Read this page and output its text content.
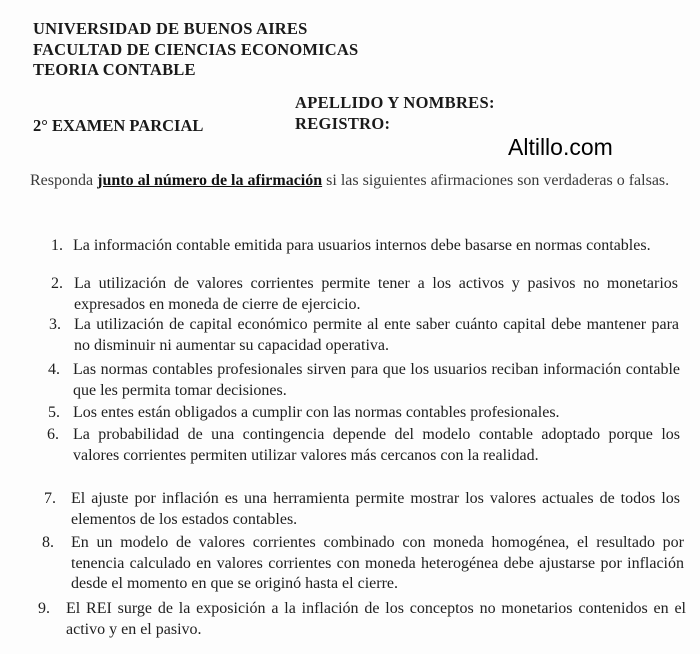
UNIVERSIDAD DE BUENOS AIRES
FACULTAD DE CIENCIAS ECONOMICAS
TEORIA CONTABLE
2° EXAMEN PARCIAL
APELLIDO Y NOMBRES:
REGISTRO:
Altillo.com
Responda junto al número de la afirmación si las siguientes afirmaciones son verdaderas o falsas.
1. La información contable emitida para usuarios internos debe basarse en normas contables.
2. La utilización de valores corrientes permite tener a los activos y pasivos no monetarios expresados en moneda de cierre de ejercicio.
3. La utilización de capital económico permite al ente saber cuánto capital debe mantener para no disminuir ni aumentar su capacidad operativa.
4. Las normas contables profesionales sirven para que los usuarios reciban información contable que les permita tomar decisiones.
5. Los entes están obligados a cumplir con las normas contables profesionales.
6. La probabilidad de una contingencia depende del modelo contable adoptado porque los valores corrientes permiten utilizar valores más cercanos con la realidad.
7. El ajuste por inflación es una herramienta permite mostrar los valores actuales de todos los elementos de los estados contables.
8.	En un modelo de valores corrientes combinado con moneda homogénea, el resultado por tenencia calculado en valores corrientes con moneda heterogénea debe ajustarse por inflación desde el momento en que se originó hasta el cierre.
9.	El REI surge de la exposición a la inflación de los conceptos no monetarios contenidos en el activo y en el pasivo.
